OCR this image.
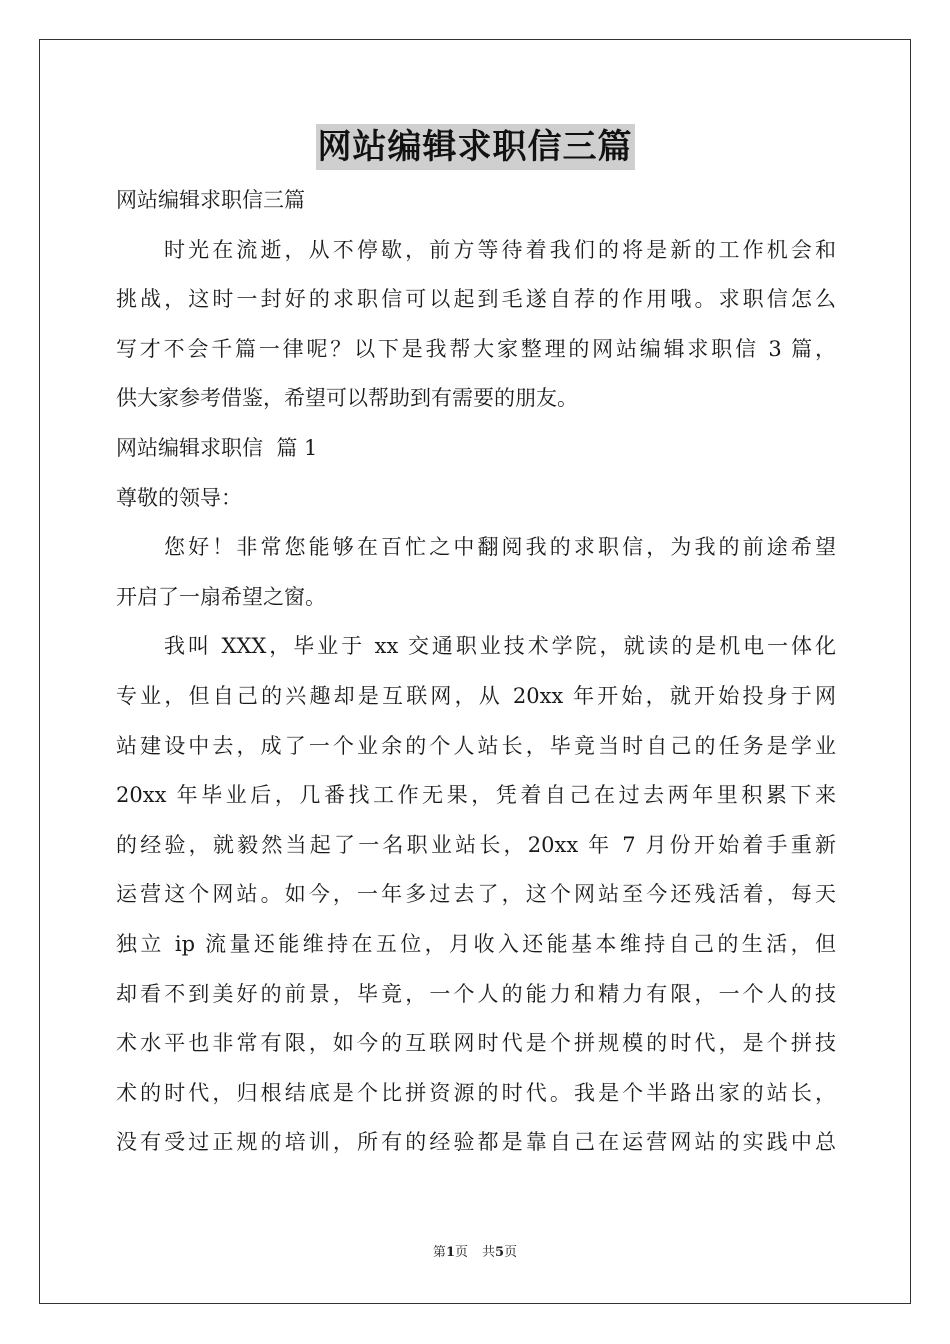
网站编辑求职信三篇
网站编辑求职信三篇
时光在流逝，从不停歇，前方等待着我们的将是新的工作机会和
挑战，这时一封好的求职信可以起到毛遂自荐的作用哦。求职信怎么
写才不会千篇一律呢？以下是我帮大家整理的网站编辑求职信 3 篇，
供大家参考借鉴，希望可以帮助到有需要的朋友。
网站编辑求职信  篇 1
尊敬的领导：
您好！非常您能够在百忙之中翻阅我的求职信，为我的前途希望
开启了一扇希望之窗。
我叫 XXX，毕业于 xx 交通职业技术学院，就读的是机电一体化
专业，但自己的兴趣却是互联网，从 20xx 年开始，就开始投身于网
站建设中去，成了一个业余的个人站长，毕竟当时自己的任务是学业
20xx 年毕业后，几番找工作无果，凭着自己在过去两年里积累下来
的经验，就毅然当起了一名职业站长，20xx 年 7 月份开始着手重新
运营这个网站。如今，一年多过去了，这个网站至今还残活着，每天
独立 ip 流量还能维持在五位，月收入还能基本维持自己的生活，但
却看不到美好的前景，毕竟，一个人的能力和精力有限，一个人的技
术水平也非常有限，如今的互联网时代是个拼规模的时代，是个拼技
术的时代，归根结底是个比拼资源的时代。我是个半路出家的站长，
没有受过正规的培训，所有的经验都是靠自己在运营网站的实践中总
第1页 共5页
